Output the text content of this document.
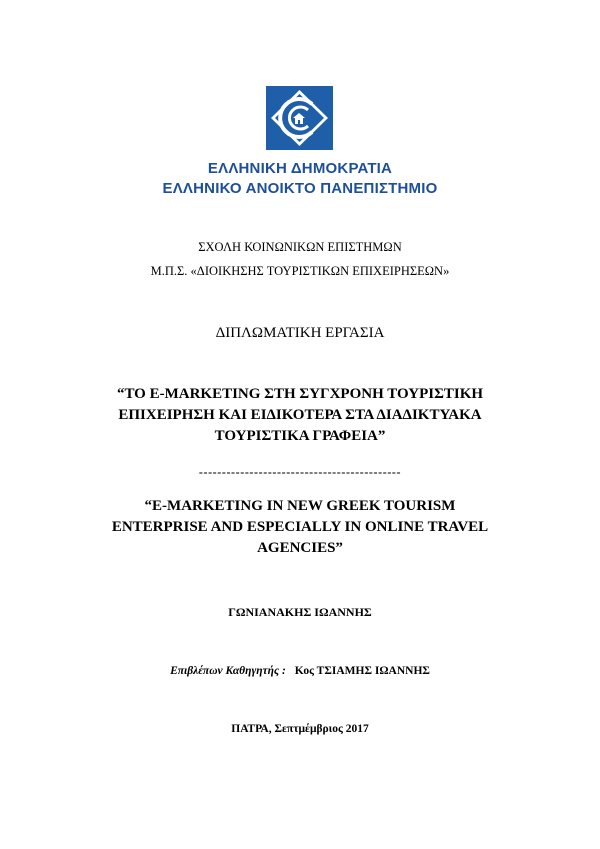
ΕΛΛΗΝΙΚΗ ΔΗΜΟΚΡΑΤΙΑ
ΕΛΛΗΝΙΚΟ ΑΝΟΙΚΤΟ ΠΑΝΕΠΙΣΤΗΜΙΟ
ΣΧΟΛΗ ΚΟΙΝΩΝΙΚΩΝ ΕΠΙΣΤΗΜΩΝ
Μ.Π.Σ. «ΔΙΟΙΚΗΣΗΣ ΤΟΥΡΙΣΤΙΚΩΝ ΕΠΙΧΕΙΡΗΣΕΩΝ»
ΔΙΠΛΩΜΑΤΙΚΗ ΕΡΓΑΣΙΑ
“ΤΟ E-MARKETING ΣΤΗ ΣΥΓΧΡΟΝΗ ΤΟΥΡΙΣΤΙΚΗ
ΕΠΙΧΕΙΡΗΣΗ ΚΑΙ ΕΙΔΙΚΟΤΕΡΑ ΣΤΑ ΔΙΑΔΙΚΤΥΑΚΑ
ΤΟΥΡΙΣΤΙΚΑ ΓΡΑΦΕΙΑ”
--------------------------------------------
“E-MARKETING IN NEW GREEK TOURISM
ENTERPRISE AND ESPECIALLY IN ONLINE TRAVEL
AGENCIES”
ΓΩΝΙΑΝΑΚΗΣ ΙΩΑΝΝΗΣ
Επιβλέπων Καθηγητής : Κος ΤΣΙΑΜΗΣ ΙΩΑΝΝΗΣ
ΠΑΤΡΑ, Σεπτμέμβριος 2017
